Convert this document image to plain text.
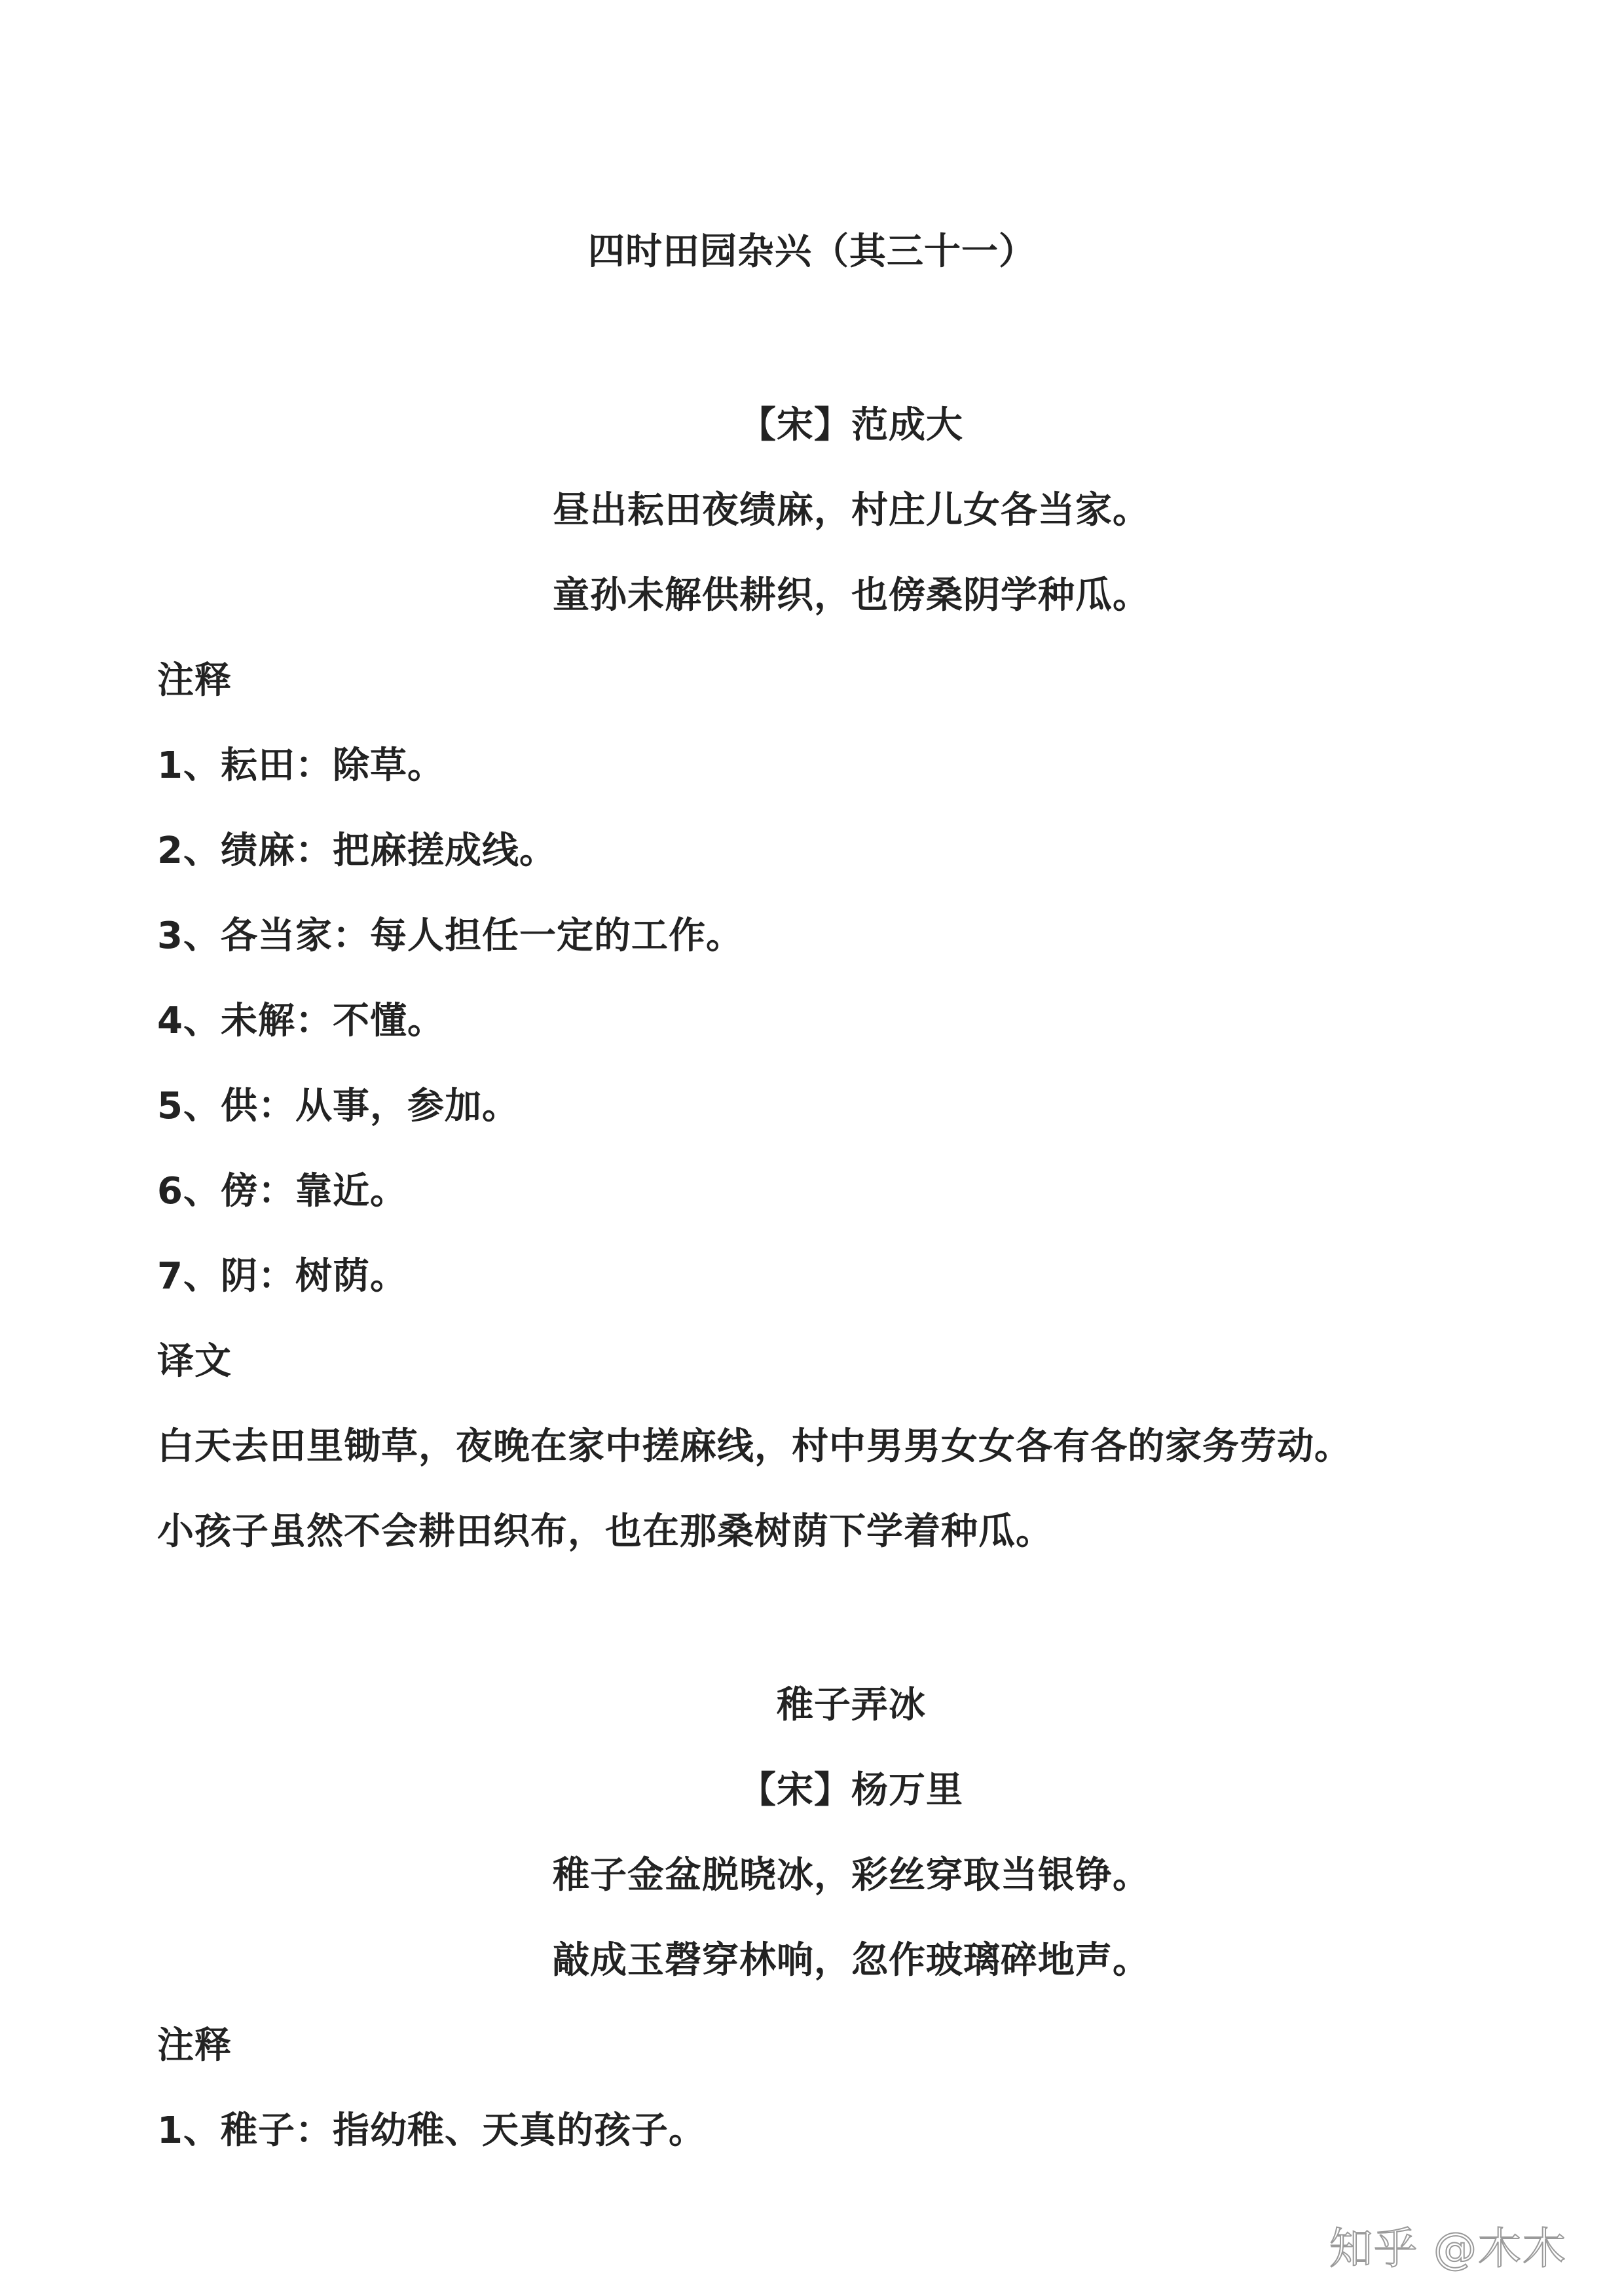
四时田园杂兴（其三十一）
【宋】范成大
昼出耘田夜绩麻，村庄儿女各当家。
童孙未解供耕织，也傍桑阴学种瓜。
注释
1、耘田：除草。
2、绩麻：把麻搓成线。
3、各当家：每人担任一定的工作。
4、未解：不懂。
5、供：从事，参加。
6、傍：靠近。
7、阴：树荫。
译文
白天去田里锄草，夜晚在家中搓麻线，村中男男女女各有各的家务劳动。
小孩子虽然不会耕田织布，也在那桑树荫下学着种瓜。
稚子弄冰
【宋】杨万里
稚子金盆脱晓冰，彩丝穿取当银铮。
敲成玉磬穿林响，忽作玻璃碎地声。
注释
1、稚子：指幼稚、天真的孩子。
知乎 @木木
